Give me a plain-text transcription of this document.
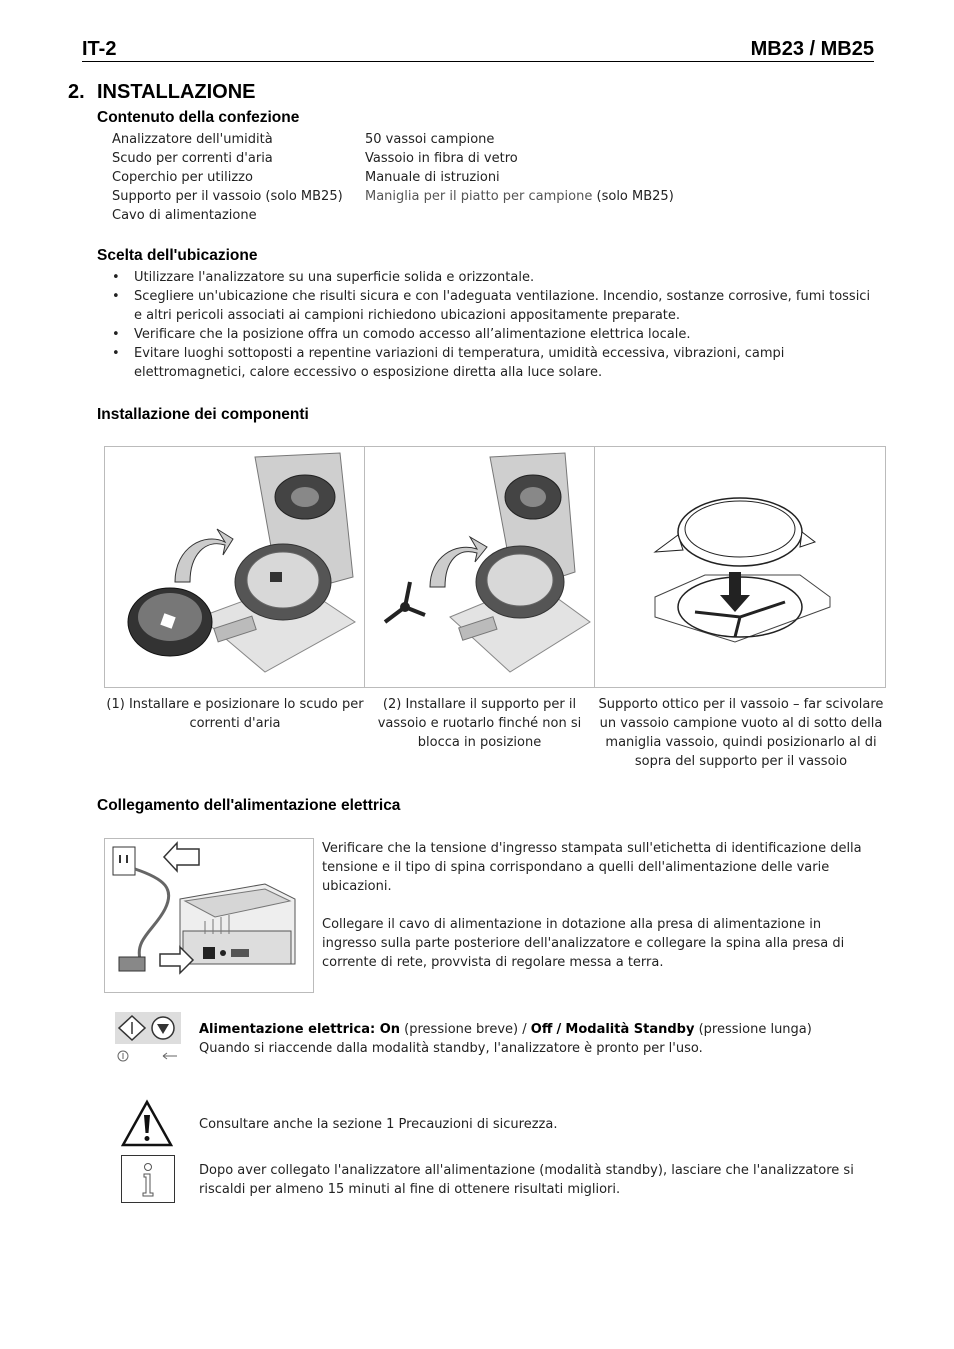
IT-2	MB23 / MB25
2. INSTALLAZIONE
Contenuto della confezione
Analizzatore dell'umidità
Scudo per correnti d'aria
Coperchio per utilizzo
Supporto per il vassoio (solo MB25)
Cavo di alimentazione
50 vassoi campione
Vassoio in fibra di vetro
Manuale di istruzioni
Maniglia per il piatto per campione (solo MB25)
Scelta dell'ubicazione
• Utilizzare l'analizzatore su una superficie solida e orizzontale.
• Scegliere un'ubicazione che risulti sicura e con l'adeguata ventilazione. Incendio, sostanze corrosive, fumi tossici e altri pericoli associati ai campioni richiedono ubicazioni appositamente preparate.
• Verificare che la posizione offra un comodo accesso all’alimentazione elettrica locale.
• Evitare luoghi sottoposti a repentine variazioni di temperatura, umidità eccessiva, vibrazioni, campi elettromagnetici, calore eccessivo o esposizione diretta alla luce solare.
Installazione dei componenti
(1) Installare e posizionare lo scudo per correnti d'aria
(2) Installare il supporto per il vassoio e ruotarlo finché non si blocca in posizione
Supporto ottico per il vassoio – far scivolare un vassoio campione vuoto al di sotto della maniglia vassoio, quindi posizionarlo al di sopra del supporto per il vassoio
Collegamento dell'alimentazione elettrica
Verificare che la tensione d'ingresso stampata sull'etichetta di identificazione della tensione e il tipo di spina corrispondano a quelli dell'alimentazione delle varie ubicazioni.
Collegare il cavo di alimentazione in dotazione alla presa di alimentazione in ingresso sulla parte posteriore dell'analizzatore e collegare la spina alla presa di corrente di rete, provvista di regolare messa a terra.
Alimentazione elettrica: On (pressione breve) / Off / Modalità Standby (pressione lunga)
Quando si riaccende dalla modalità standby, l'analizzatore è pronto per l'uso.
Consultare anche la sezione 1 Precauzioni di sicurezza.
Dopo aver collegato l'analizzatore all'alimentazione (modalità standby), lasciare che l'analizzatore si riscaldi per almeno 15 minuti al fine di ottenere risultati migliori.
